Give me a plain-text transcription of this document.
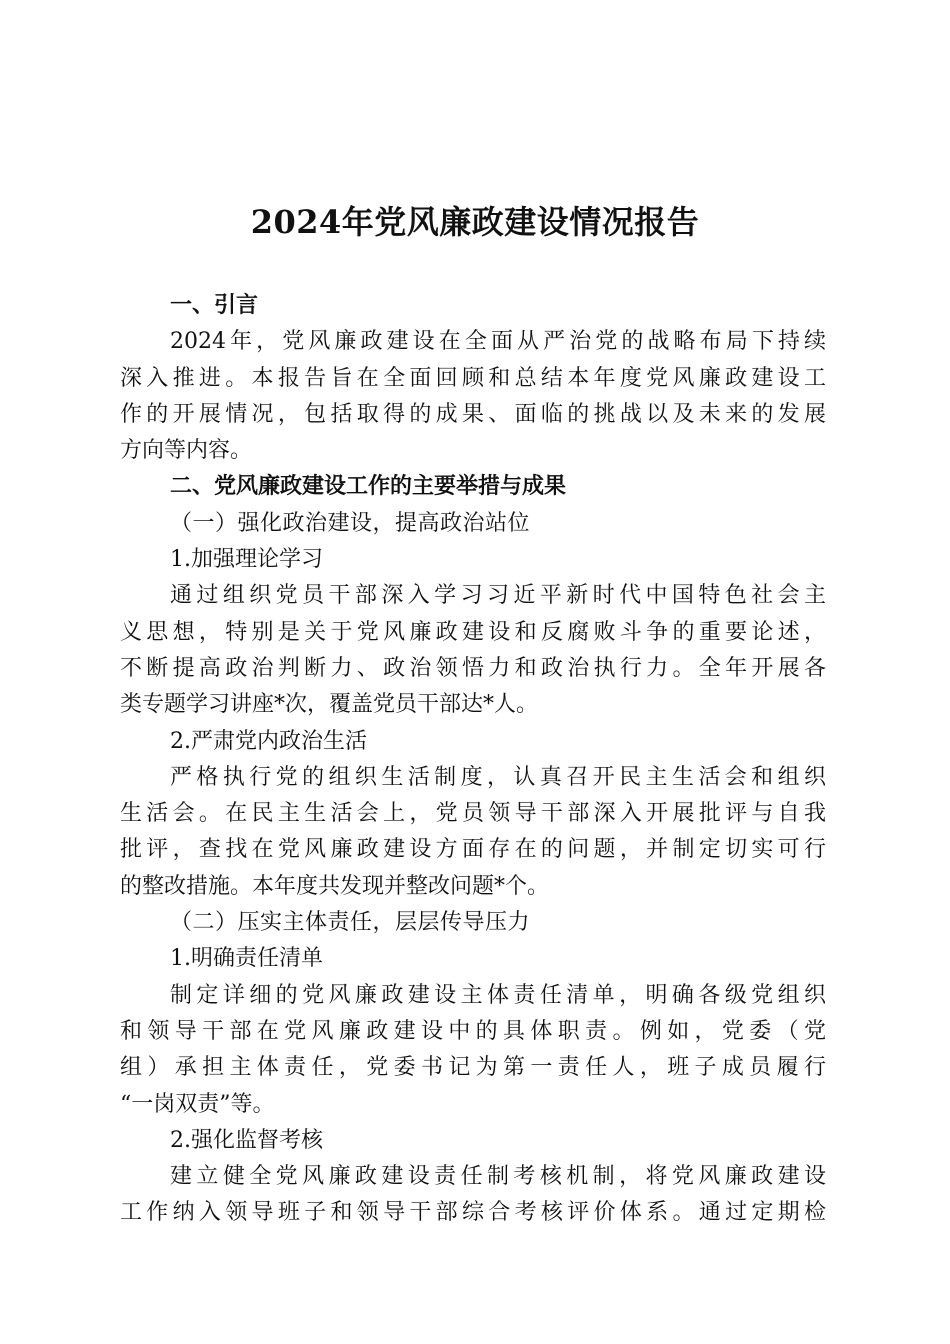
2024年党风廉政建设情况报告
一、引言
2024年，党风廉政建设在全面从严治党的战略布局下持续
深入推进。本报告旨在全面回顾和总结本年度党风廉政建设工
作的开展情况，包括取得的成果、面临的挑战以及未来的发展
方向等内容。
二、党风廉政建设工作的主要举措与成果
（一）强化政治建设，提高政治站位
1.加强理论学习
通过组织党员干部深入学习习近平新时代中国特色社会主
义思想，特别是关于党风廉政建设和反腐败斗争的重要论述，
不断提高政治判断力、政治领悟力和政治执行力。全年开展各
类专题学习讲座*次，覆盖党员干部达*人。
2.严肃党内政治生活
严格执行党的组织生活制度，认真召开民主生活会和组织
生活会。在民主生活会上，党员领导干部深入开展批评与自我
批评，查找在党风廉政建设方面存在的问题，并制定切实可行
的整改措施。本年度共发现并整改问题*个。
（二）压实主体责任，层层传导压力
1.明确责任清单
制定详细的党风廉政建设主体责任清单，明确各级党组织
和领导干部在党风廉政建设中的具体职责。例如，党委（党
组）承担主体责任，党委书记为第一责任人，班子成员履行
“一岗双责”等。
2.强化监督考核
建立健全党风廉政建设责任制考核机制，将党风廉政建设
工作纳入领导班子和领导干部综合考核评价体系。通过定期检
